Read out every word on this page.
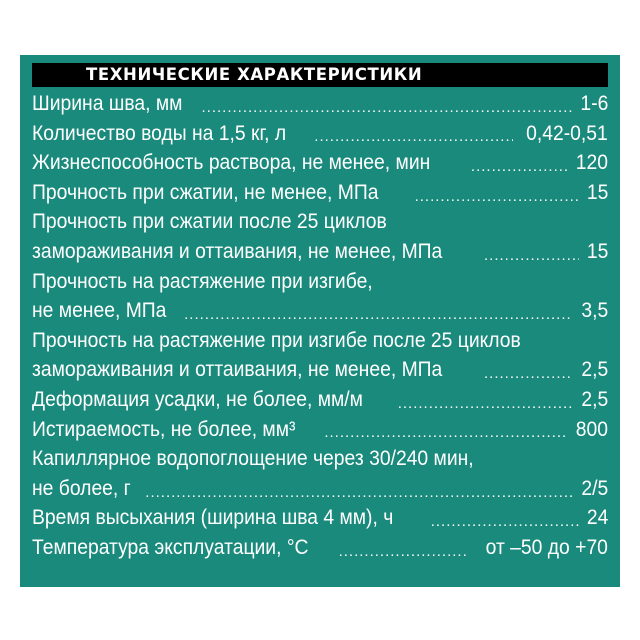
ТЕХНИЧЕСКИЕ ХАРАКТЕРИСТИКИ
Ширина шва, мм .....	1-6
Количество воды на 1,5 кг, л .....	0,42-0,51
Жизнеспособность раствора, не менее, мин .....	120
Прочность при сжатии, не менее, МПа .....	15
Прочность при сжатии после 25 циклов
замораживания и оттаивания, не менее, МПа .....	15
Прочность на растяжение при изгибе,
не менее, МПа .....	3,5
Прочность на растяжение при изгибе после 25 циклов
замораживания и оттаивания, не менее, МПа .....	2,5
Деформация усадки, не более, мм/м .....	2,5
Истираемость, не более, мм³ .....	800
Капиллярное водопоглощение через 30/240 мин,
не более, г .....	2/5
Время высыхания (ширина шва 4 мм), ч .....	24
Температура эксплуатации, °С .....	от –50 до +70
